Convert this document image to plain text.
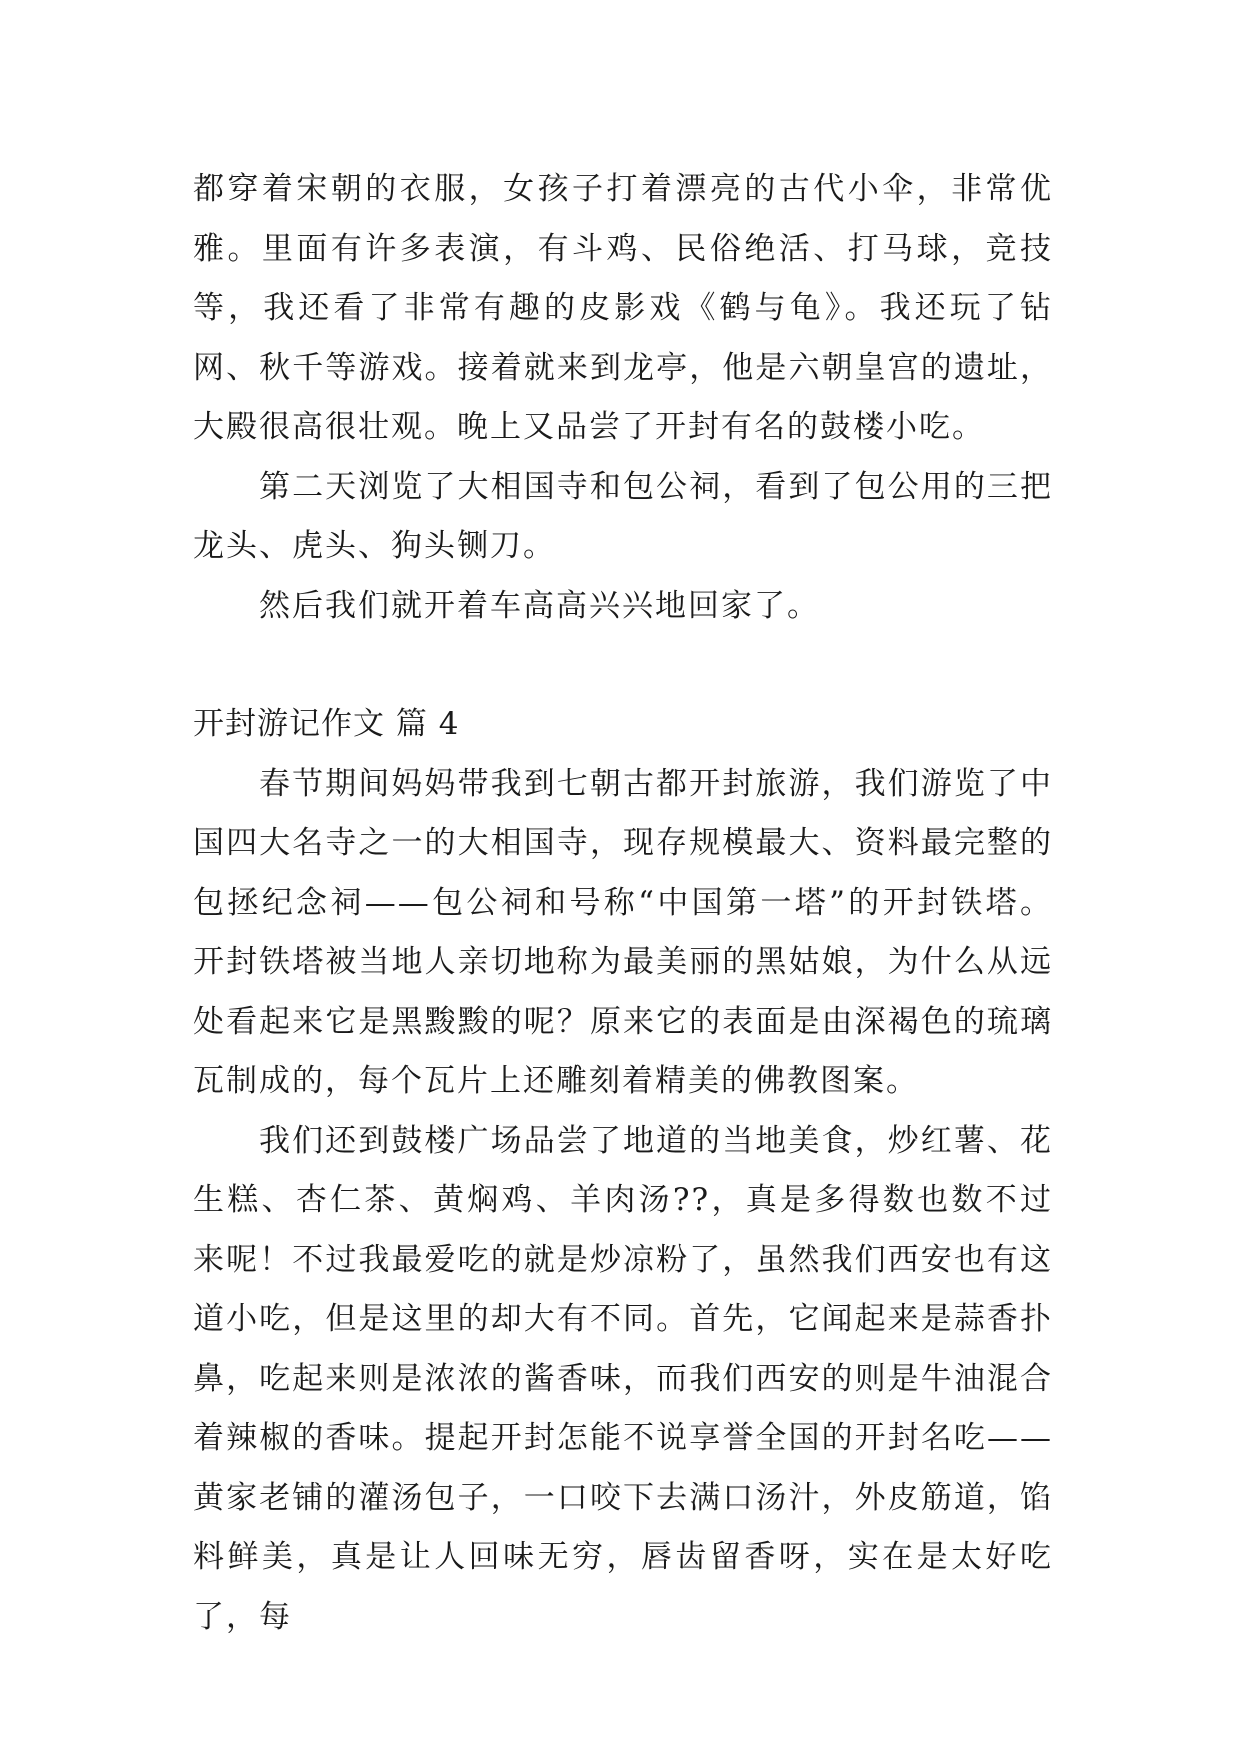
都穿着宋朝的衣服，女孩子打着漂亮的古代小伞，非常优雅。里面有许多表演，有斗鸡、民俗绝活、打马球，竞技等，我还看了非常有趣的皮影戏《鹤与龟》。我还玩了钻网、秋千等游戏。接着就来到龙亭，他是六朝皇宫的遗址，大殿很高很壮观。晚上又品尝了开封有名的鼓楼小吃。

第二天浏览了大相国寺和包公祠，看到了包公用的三把龙头、虎头、狗头铡刀。

然后我们就开着车高高兴兴地回家了。

开封游记作文 篇 4

春节期间妈妈带我到七朝古都开封旅游，我们游览了中国四大名寺之一的大相国寺，现存规模最大、资料最完整的包拯纪念祠——包公祠和号称“中国第一塔”的开封铁塔。开封铁塔被当地人亲切地称为最美丽的黑姑娘，为什么从远处看起来它是黑黢黢的呢？原来它的表面是由深褐色的琉璃瓦制成的，每个瓦片上还雕刻着精美的佛教图案。

我们还到鼓楼广场品尝了地道的当地美食，炒红薯、花生糕、杏仁茶、黄焖鸡、羊肉汤??，真是多得数也数不过来呢！不过我最爱吃的就是炒凉粉了，虽然我们西安也有这道小吃，但是这里的却大有不同。首先，它闻起来是蒜香扑鼻，吃起来则是浓浓的酱香味，而我们西安的则是牛油混合着辣椒的香味。提起开封怎能不说享誉全国的开封名吃——黄家老铺的灌汤包子，一口咬下去满口汤汁，外皮筋道，馅料鲜美，真是让人回味无穷，唇齿留香呀，实在是太好吃了，每
